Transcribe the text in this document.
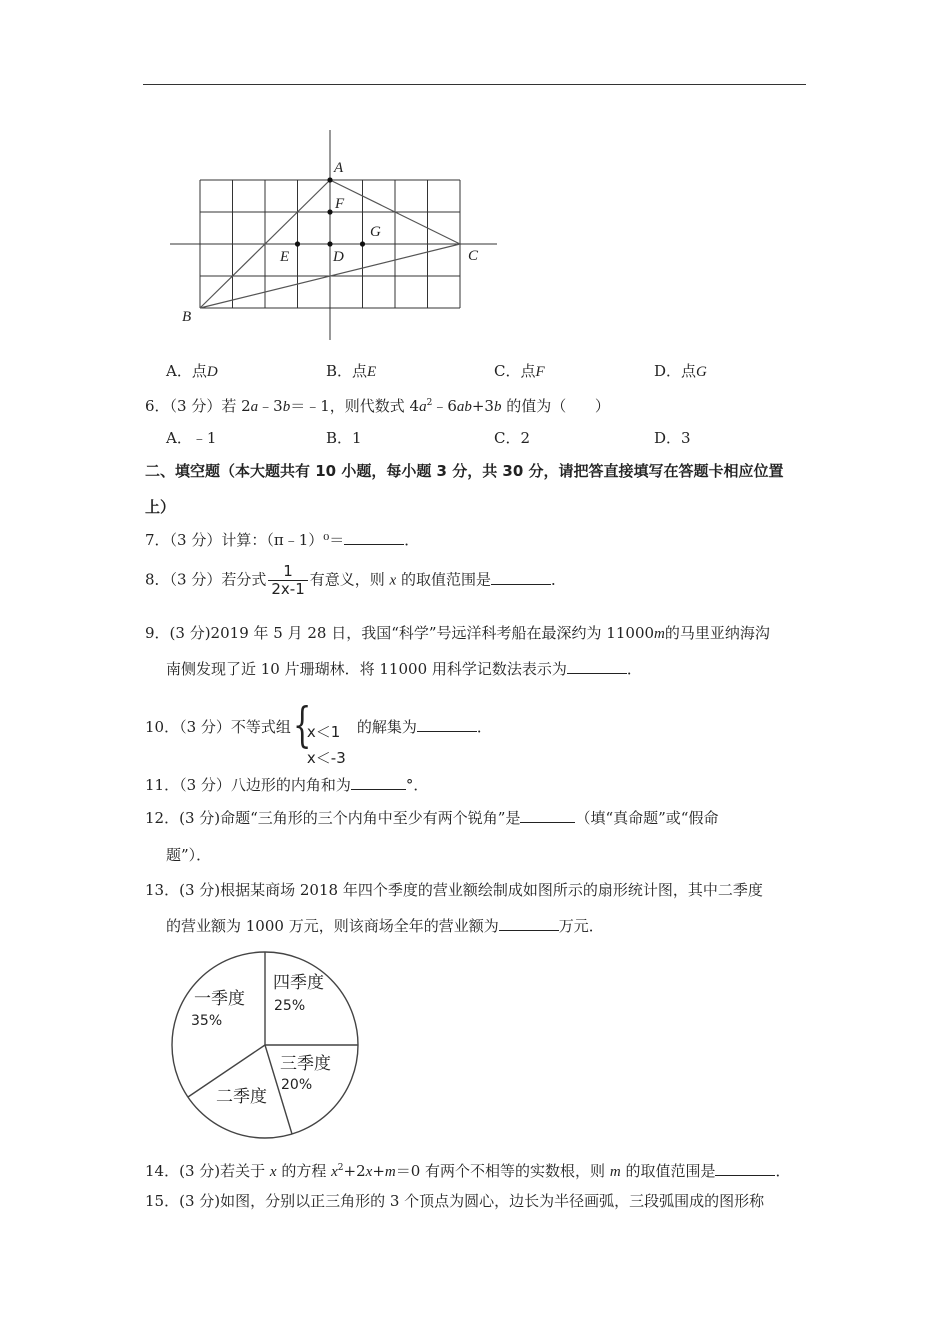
A
F
G
E	D	C
B
A．点D	B．点E	C．点F	D．点G
6．（3 分）若 2a﹣3b＝﹣1，则代数式 $4a^2﹣6ab+3b$ 的值为（      ）
A．﹣1	B．1	C．2	D．3
二、填空题（本大题共有 10 小题，每小题 3 分，共 30 分，请把答直接填写在答题卡相应位置
上）
7．（3 分）计算：（π﹣1）⁰＝	．
8．（3 分）若分式 $\frac{1}{2x-1}$ 有意义，则 x 的取值范围是	．
9．(3 分)2019 年 5 月 28 日，我国“科学”号远洋科考船在最深约为 11000m的马里亚纳海沟
南侧发现了近 10 片珊瑚林．将 11000 用科学记数法表示为	．
10．（3 分）不等式组 {
x＜1
x＜-3
的解集为	．
11．（3 分）八边形的内角和为	°．
12．(3 分)命题“三角形的三个内角中至少有两个锐角”是	（填“真命题”或“假命
题”）．
13．(3 分)根据某商场 2018 年四个季度的营业额绘制成如图所示的扇形统计图，其中二季度
的营业额为 1000 万元，则该商场全年的营业额为	万元．
一季度
35%
四季度
25%
三季度
20%
二季度
14．(3 分)若关于 x 的方程 $x^2+2x+m=0$ 有两个不相等的实数根，则 m 的取值范围是	．
15．(3 分)如图，分别以正三角形的 3 个顶点为圆心，边长为半径画弧，三段弧围成的图形称
